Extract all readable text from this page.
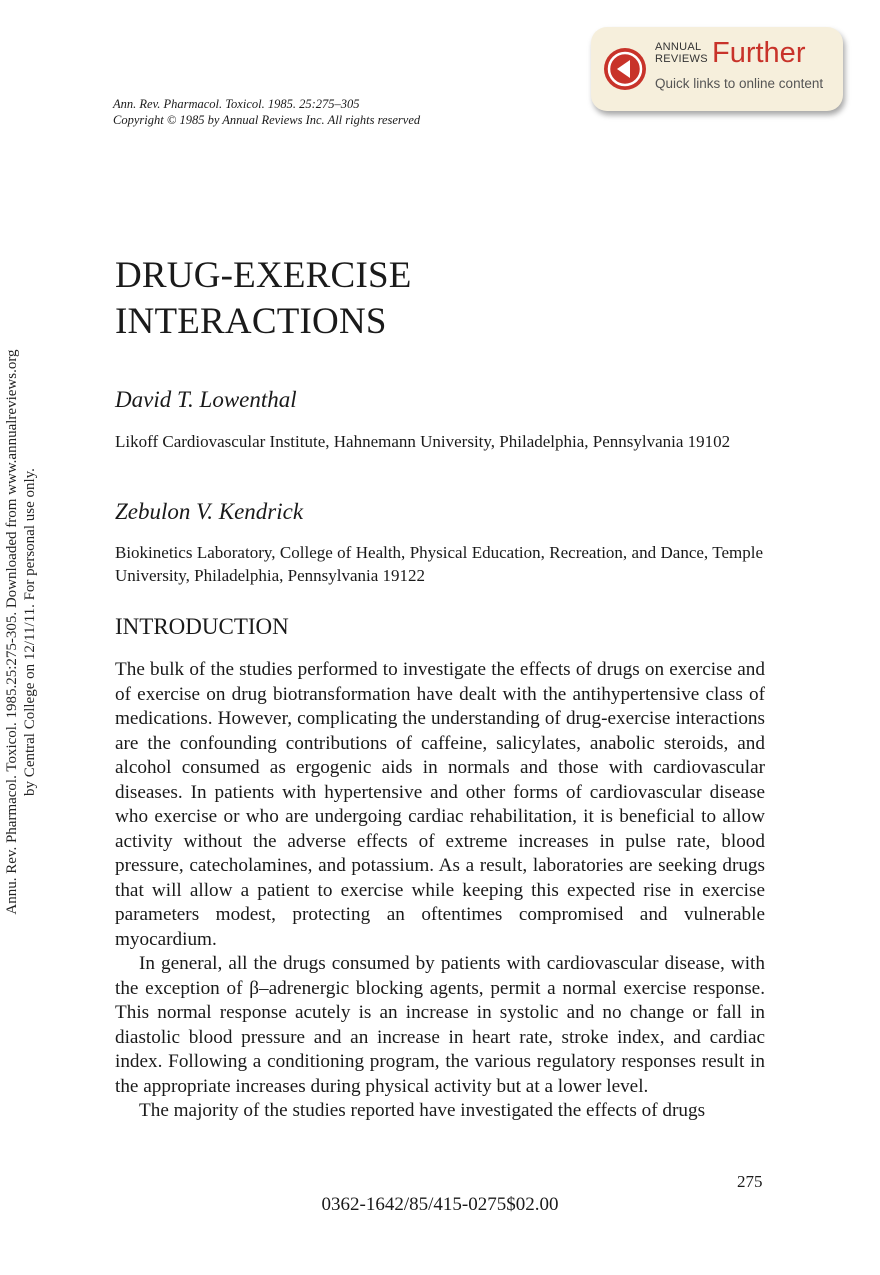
ANNUAL
REVIEWS Further
Quick links to online content
Ann. Rev. Pharmacol. Toxicol. 1985. 25:275–305
Copyright © 1985 by Annual Reviews Inc. All rights reserved
Annu. Rev. Pharmacol. Toxicol. 1985.25:275-305. Downloaded from www.annualreviews.org by Central College on 12/11/11. For personal use only.
DRUG-EXERCISE
INTERACTIONS
David T. Lowenthal
Likoff Cardiovascular Institute, Hahnemann University, Philadelphia, Pennsylvania 19102
Zebulon V. Kendrick
Biokinetics Laboratory, College of Health, Physical Education, Recreation, and Dance, Temple University, Philadelphia, Pennsylvania 19122
INTRODUCTION

The bulk of the studies performed to investigate the effects of drugs on exercise and of exercise on drug biotransformation have dealt with the antihypertensive class of medications. However, complicating the understanding of drug-exercise interactions are the confounding contributions of caffeine, salicylates, anabolic steroids, and alcohol consumed as ergogenic aids in normals and those with cardiovascular diseases. In patients with hypertensive and other forms of cardiovascular disease who exercise or who are undergoing cardiac rehabilitation, it is beneficial to allow activity without the adverse effects of extreme increases in pulse rate, blood pressure, catecholamines, and potassium. As a result, laboratories are seeking drugs that will allow a patient to exercise while keeping this expected rise in exercise parameters modest, protecting an oftentimes compromised and vulnerable myocardium.

In general, all the drugs consumed by patients with cardiovascular disease, with the exception of β–adrenergic blocking agents, permit a normal exercise response. This normal response acutely is an increase in systolic and no change or fall in diastolic blood pressure and an increase in heart rate, stroke index, and cardiac index. Following a conditioning program, the various regulatory responses result in the appropriate increases during physical activity but at a lower level.

The majority of the studies reported have investigated the effects of drugs

275
0362-1642/85/415-0275$02.00
